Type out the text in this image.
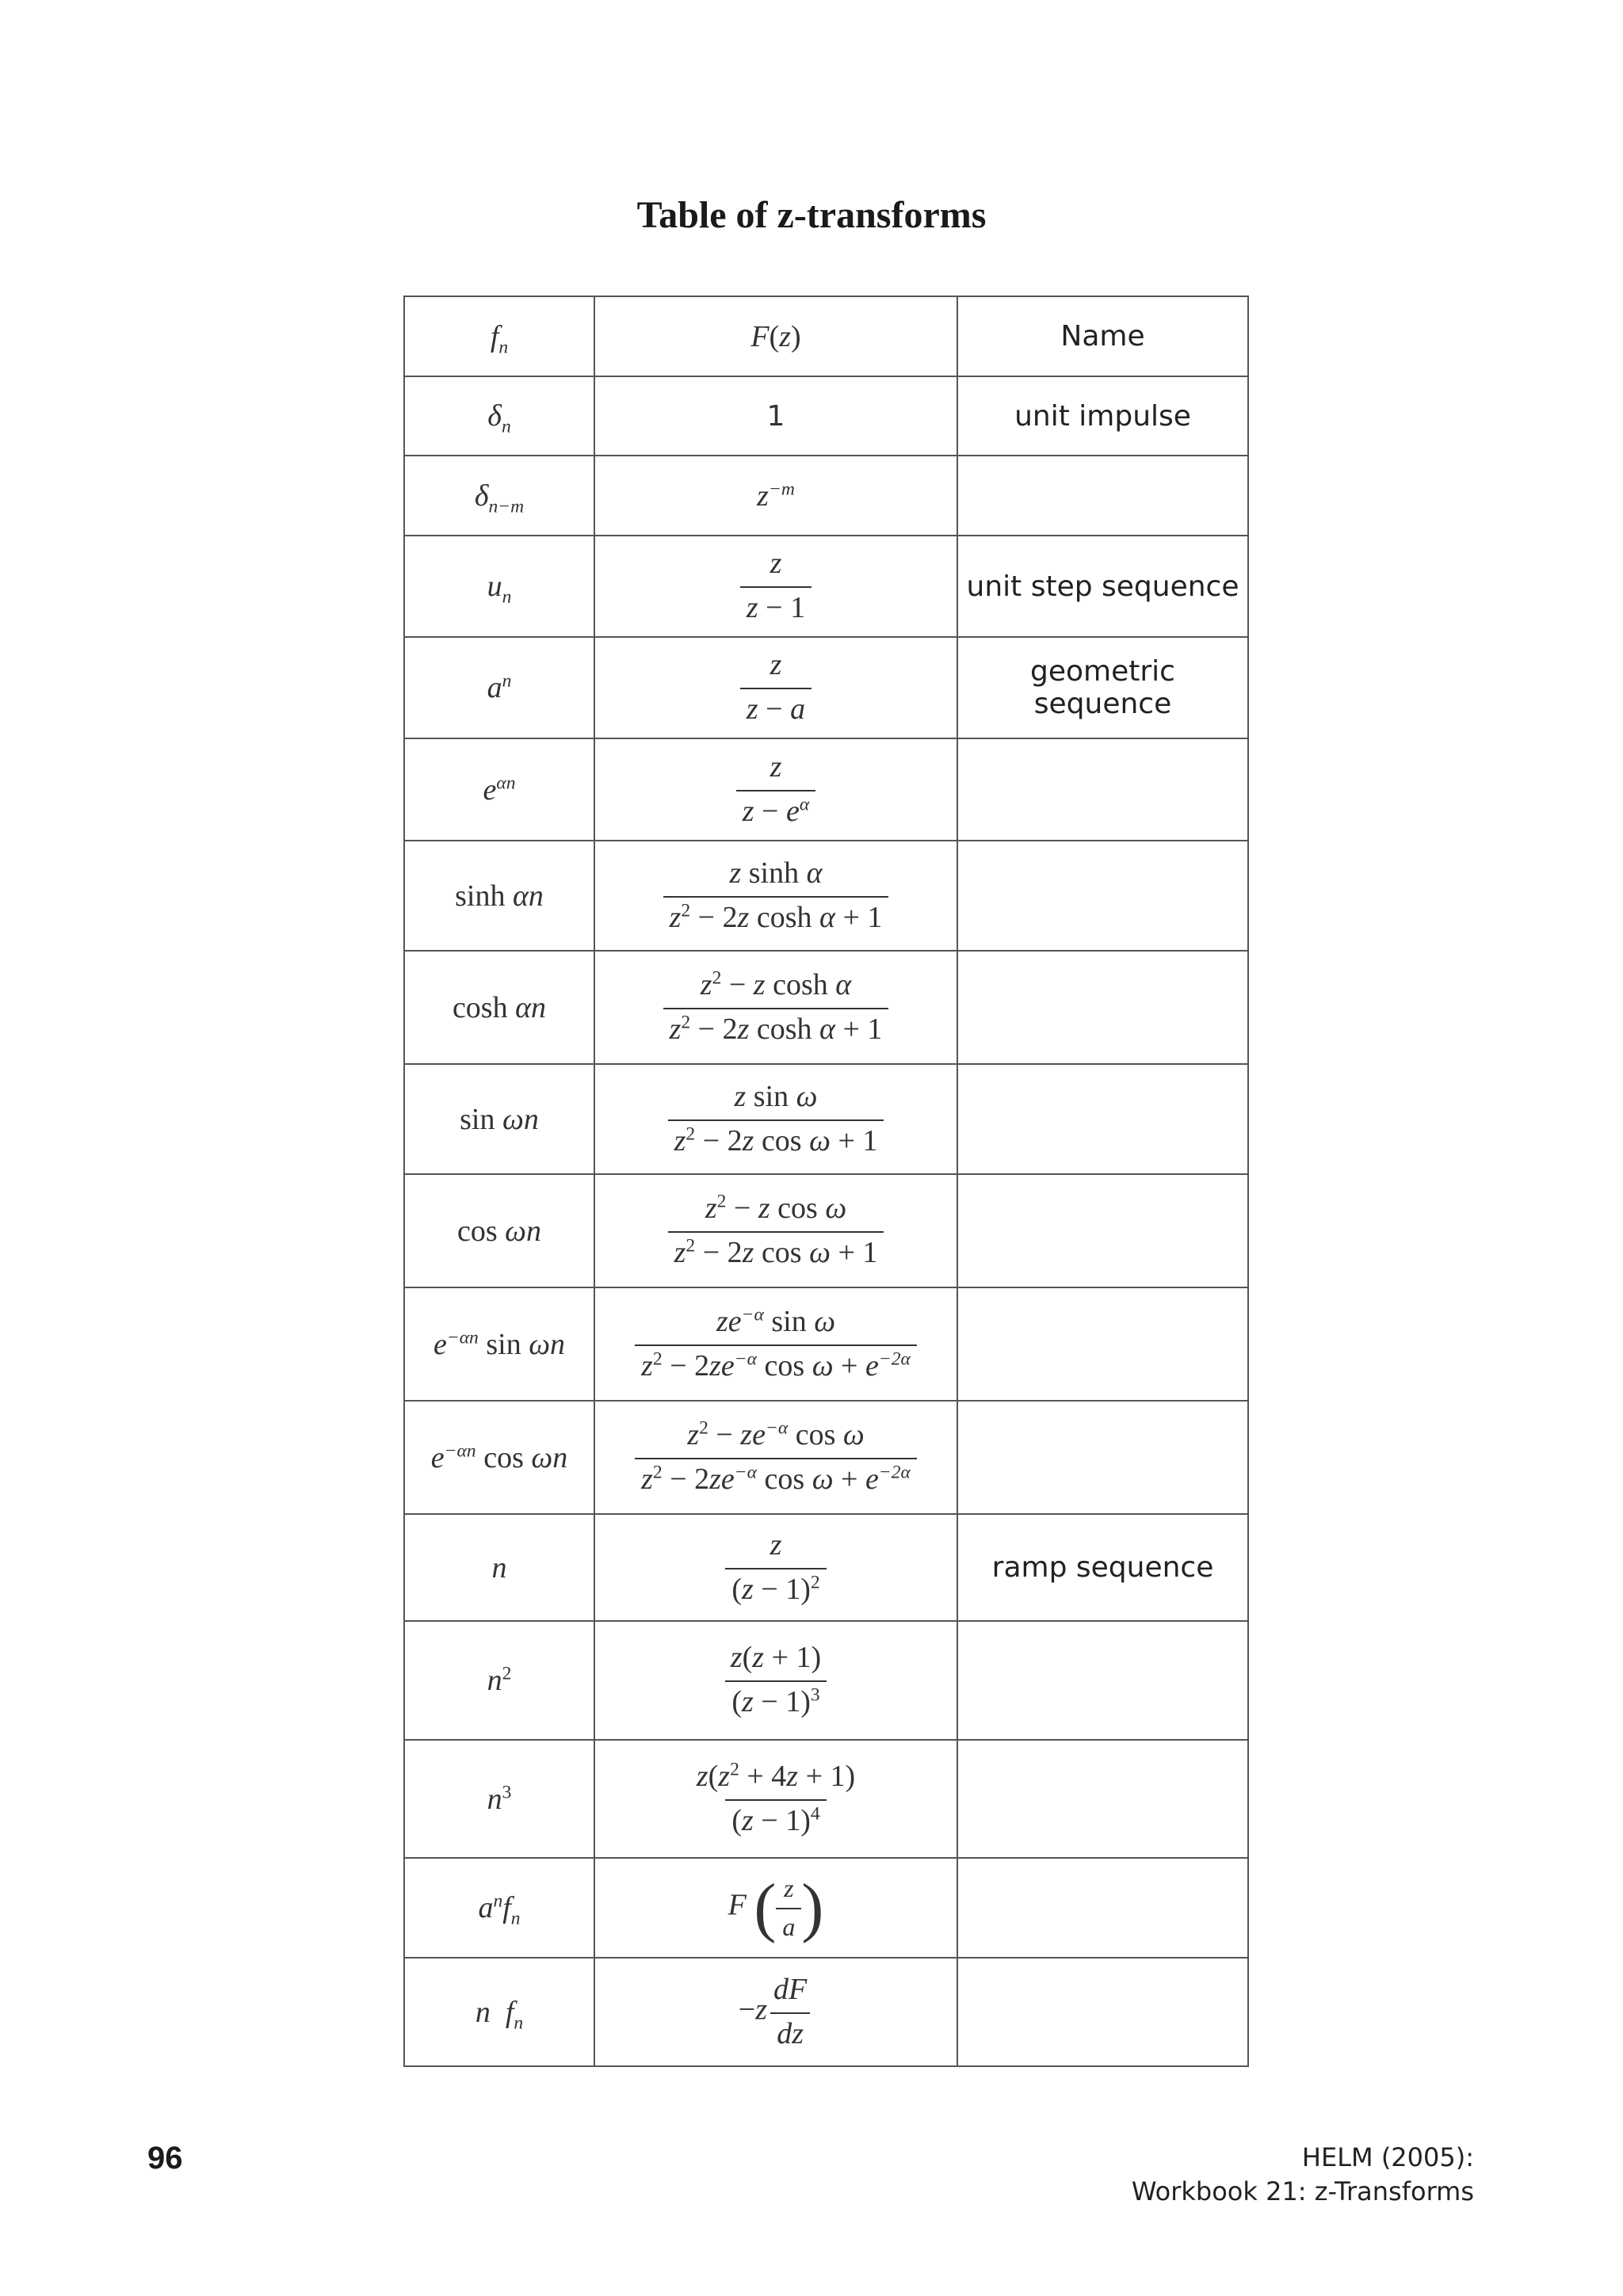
Table of z-transforms
$f_n$	F(z)	Name
$\delta_n$	1	unit impulse
$\delta_{n-m}$	$z^{-m}$	
$u_n$	$\frac{z}{z - 1}$	unit step sequence
$a^n$	$\frac{z}{z - a}$	geometric sequence
$e^{\alpha n}$	$\frac{z}{z - e^\alpha}$

sinh αn	$\frac{\text{z sinh α}}{z^2 - 2z \cosh \alpha + 1}$

cosh αn	$\frac{z^2 - z \cosh \alpha}{z^2 - 2z \cosh \alpha + 1}$

sin ωn	$\frac{\text{z sin ω}}{z^2 - 2z \cos \omega + 1}$

cos ωn	$\frac{z^2 - z \cos \omega}{z^2 - 2z \cos \omega + 1}$

$e^{-\alpha n}$ sin ωn	$\frac{ze^{-\alpha} \sin \omega}{z^2 - 2ze^{-\alpha} \cos \omega + e^{-2\alpha}}$

$e^{-\alpha n}$ cos ωn	$\frac{z^2 - ze^{-\alpha} \cos \omega}{z^2 - 2ze^{-\alpha} \cos \omega + e^{-2\alpha}}$

n	$\frac{z}{(z - 1)^2}$	ramp sequence
$n^2$	$\frac{z(z + 1)}{(z - 1)^3}$

$n^3$	$\frac{z(z^2 + 4z + 1)}{(z - 1)^4}$

$a^nf_n$	F ( $\frac{z}{a}$ )	
n  $f_n$	$-z \frac{dF}{dz}$

96	HELM (2005):
Workbook 21: z-Transforms
